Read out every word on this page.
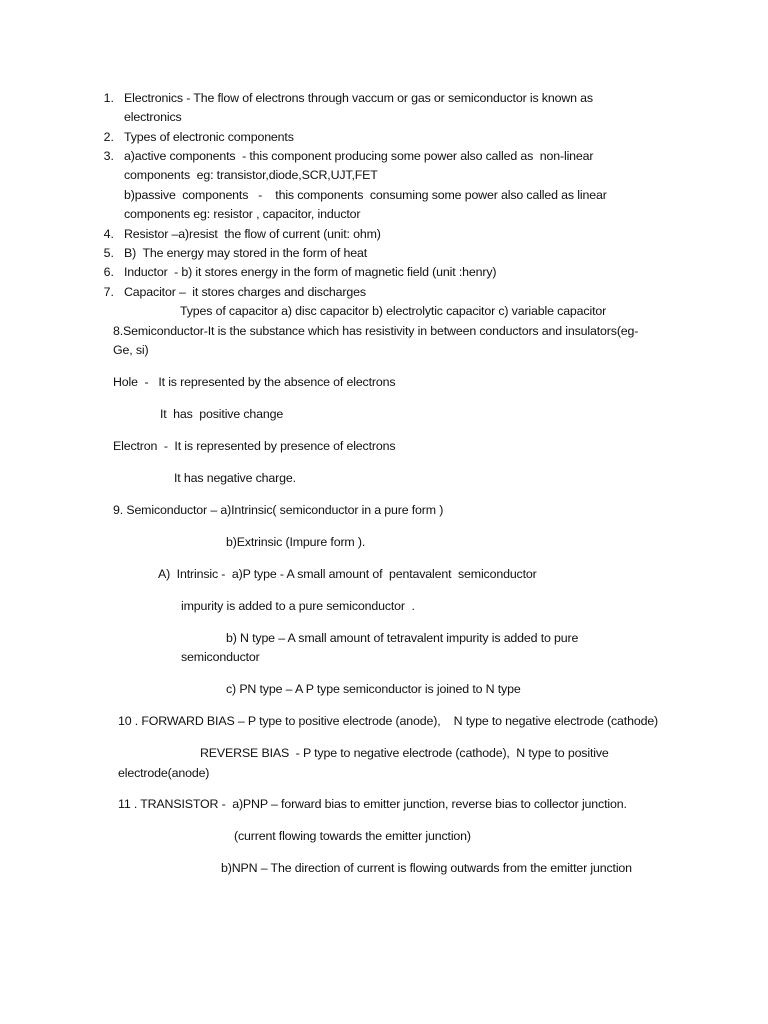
1. Electronics - The flow of electrons through vaccum or gas or semiconductor is known as
electronics
2. Types of electronic components
3. a)active components  - this component producing some power also called as  non-linear
components  eg: transistor,diode,SCR,UJT,FET
b)passive  components   -    this components  consuming some power also called as linear
components eg: resistor , capacitor, inductor
4. Resistor –a)resist  the flow of current (unit: ohm)
5. B)  The energy may stored in the form of heat
6. Inductor  - b) it stores energy in the form of magnetic field (unit :henry)
7. Capacitor –  it stores charges and discharges
Types of capacitor a) disc capacitor b) electrolytic capacitor c) variable capacitor
8.Semiconductor-It is the substance which has resistivity in between conductors and insulators(eg-
Ge, si)
Hole  -   It is represented by the absence of electrons
It  has  positive change
Electron  -  It is represented by presence of electrons
It has negative charge.
9. Semiconductor – a)Intrinsic( semiconductor in a pure form )
b)Extrinsic (Impure form ).
A)  Intrinsic -  a)P type - A small amount of  pentavalent  semiconductor
impurity is added to a pure semiconductor  .
b) N type – A small amount of tetravalent impurity is added to pure
semiconductor
c) PN type – A P type semiconductor is joined to N type
10 . FORWARD BIAS – P type to positive electrode (anode),    N type to negative electrode (cathode)
REVERSE BIAS  - P type to negative electrode (cathode),  N type to positive
electrode(anode)
11 . TRANSISTOR -  a)PNP – forward bias to emitter junction, reverse bias to collector junction.
(current flowing towards the emitter junction)
b)NPN – The direction of current is flowing outwards from the emitter junction
